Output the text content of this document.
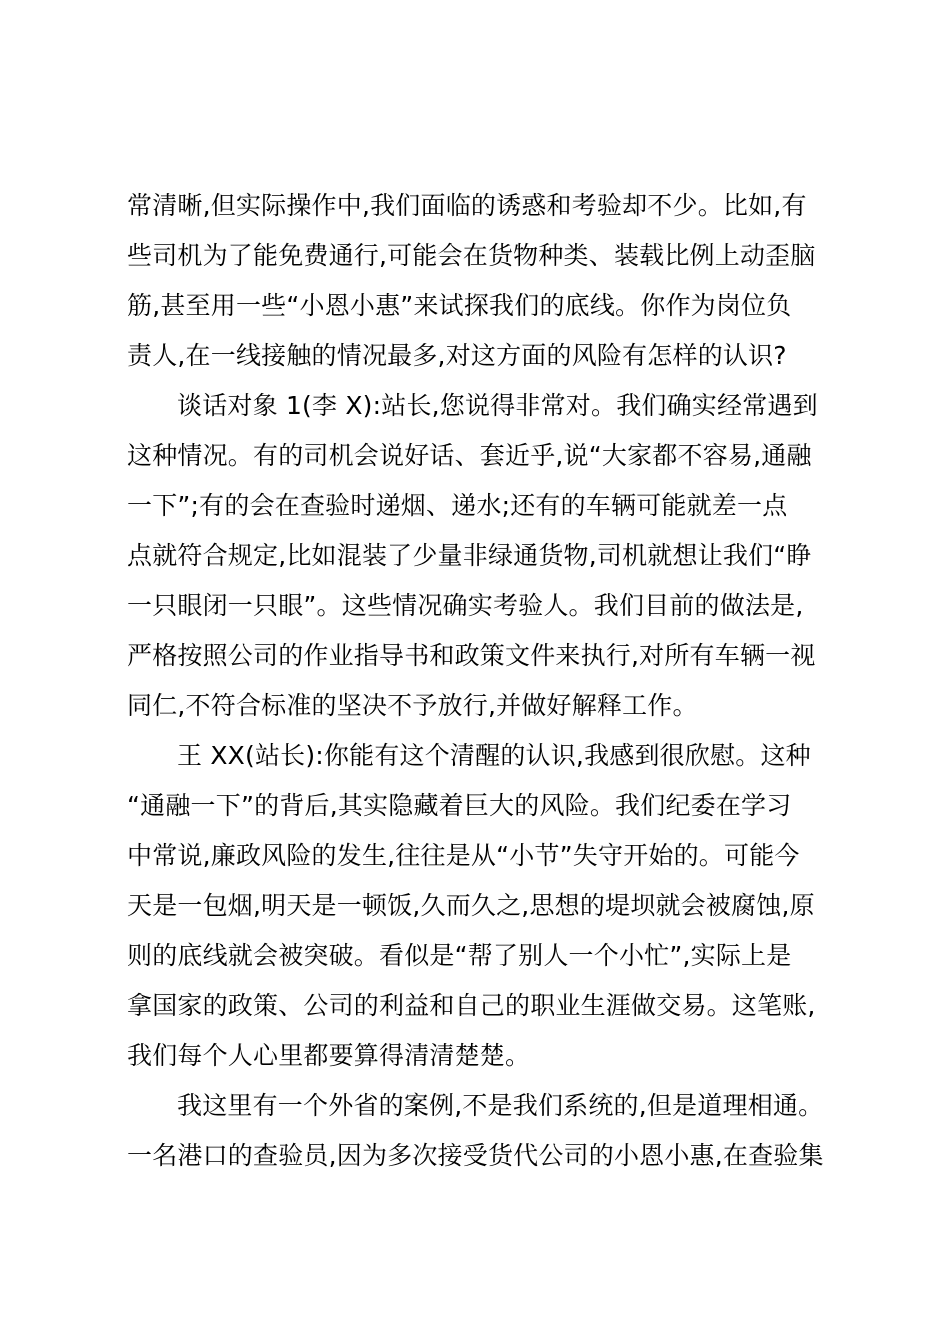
常清晰,但实际操作中,我们面临的诱惑和考验却不少。比如,有
些司机为了能免费通行,可能会在货物种类、装载比例上动歪脑
筋,甚至用一些“小恩小惠”来试探我们的底线。你作为岗位负
责人,在一线接触的情况最多,对这方面的风险有怎样的认识?
谈话对象 1(李 X):站长,您说得非常对。我们确实经常遇到
这种情况。有的司机会说好话、套近乎,说“大家都不容易,通融
一下”;有的会在查验时递烟、递水;还有的车辆可能就差一点
点就符合规定,比如混装了少量非绿通货物,司机就想让我们“睁
一只眼闭一只眼”。这些情况确实考验人。我们目前的做法是,
严格按照公司的作业指导书和政策文件来执行,对所有车辆一视
同仁,不符合标准的坚决不予放行,并做好解释工作。
王 XX(站长):你能有这个清醒的认识,我感到很欣慰。这种
“通融一下”的背后,其实隐藏着巨大的风险。我们纪委在学习
中常说,廉政风险的发生,往往是从“小节”失守开始的。可能今
天是一包烟,明天是一顿饭,久而久之,思想的堤坝就会被腐蚀,原
则的底线就会被突破。看似是“帮了别人一个小忙”,实际上是
拿国家的政策、公司的利益和自己的职业生涯做交易。这笔账,
我们每个人心里都要算得清清楚楚。
我这里有一个外省的案例,不是我们系统的,但是道理相通。
一名港口的查验员,因为多次接受货代公司的小恩小惠,在查验集
